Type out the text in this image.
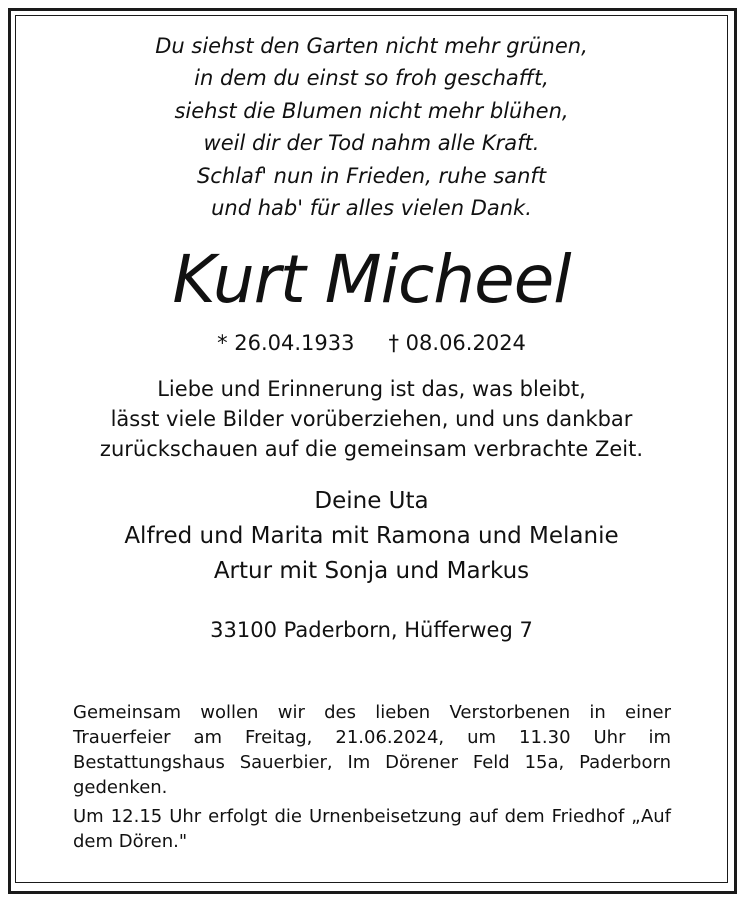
Du siehst den Garten nicht mehr grünen,
in dem du einst so froh geschafft,
siehst die Blumen nicht mehr blühen,
weil dir der Tod nahm alle Kraft.
Schlaf' nun in Frieden, ruhe sanft
und hab' für alles vielen Dank.
Kurt Micheel
* 26.04.1933 † 08.06.2024
Liebe und Erinnerung ist das, was bleibt,
lässt viele Bilder vorüberziehen, und uns dankbar
zurückschauen auf die gemeinsam verbrachte Zeit.
Deine Uta
Alfred und Marita mit Ramona und Melanie
Artur mit Sonja und Markus
33100 Paderborn, Hüfferweg 7

Gemeinsam wollen wir des lieben Verstorbenen in einer Trauerfeier am Freitag, 21.06.2024, um 11.30 Uhr im Bestattungshaus Sauerbier, Im Dörener Feld 15a, Paderborn gedenken.

Um 12.15 Uhr erfolgt die Urnenbeisetzung auf dem Friedhof „Auf dem Dören."
